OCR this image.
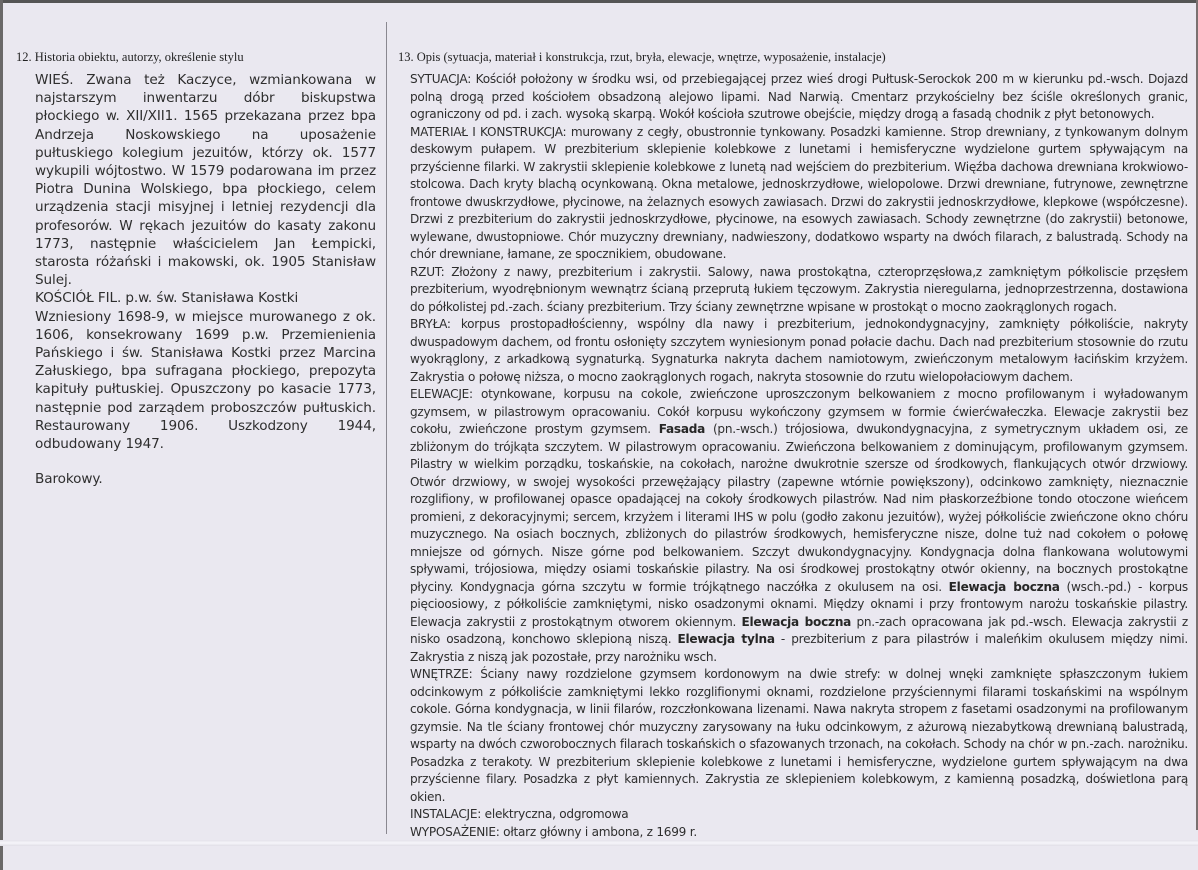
12. Historia obiektu, autorzy, określenie stylu

WIEŚ. Zwana też Kaczyce, wzmiankowana w najstarszym inwentarzu dóbr biskupstwa płockiego w. XII/XII1. 1565 przekazana przez bpa Andrzeja Noskowskiego na uposażenie pułtuskiego kolegium jezuitów, którzy ok. 1577 wykupili wójtostwo. W 1579 podarowana im przez Piotra Dunina Wolskiego, bpa płockiego, celem urządzenia stacji misyjnej i letniej rezydencji dla profesorów. W rękach jezuitów do kasaty zakonu 1773, następnie właścicielem Jan Łempicki, starosta różański i makowski, ok. 1905 Stanisław Sulej.

KOŚCIÓŁ FIL. p.w. św. Stanisława Kostki

Wzniesiony 1698-9, w miejsce murowanego z ok. 1606, konsekrowany 1699 p.w. Przemienienia Pańskiego i św. Stanisława Kostki przez Marcina Załuskiego, bpa sufragana płockiego, prepozyta kapituły pułtuskiej. Opuszczony po kasacie 1773, następnie pod zarządem proboszczów pułtuskich. Restaurowany 1906. Uszkodzony 1944, odbudowany 1947.

Barokowy.

13. Opis (sytuacja, materiał i konstrukcja, rzut, bryła, elewacje, wnętrze, wyposażenie, instalacje)

SYTUACJA: Kościół położony w środku wsi, od przebiegającej przez wieś drogi Pułtusk-Serockok 200 m w kierunku pd.-wsch. Dojazd polną drogą przed kościołem obsadzoną alejowo lipami. Nad Narwią. Cmentarz przykościelny bez ściśle określonych granic, ograniczony od pd. i zach. wysoką skarpą. Wokół kościoła szutrowe obejście, między drogą a fasadą chodnik z płyt betonowych.

MATERIAŁ I KONSTRUKCJA: murowany z cegły, obustronnie tynkowany. Posadzki kamienne. Strop drewniany, z tynkowanym dolnym deskowym pułapem. W prezbiterium sklepienie kolebkowe z lunetami i hemisferyczne wydzielone gurtem spływającym na przyścienne filarki. W zakrystii sklepienie kolebkowe z lunetą nad wejściem do prezbiterium. Więźba dachowa drewniana krokwiowo-stolcowa. Dach kryty blachą ocynkowaną. Okna metalowe, jednoskrzydłowe, wielopolowe. Drzwi drewniane, futrynowe, zewnętrzne frontowe dwuskrzydłowe, płycinowe, na żelaznych esowych zawiasach. Drzwi do zakrystii jednoskrzydłowe, klepkowe (współczesne). Drzwi z prezbiterium do zakrystii jednoskrzydłowe, płycinowe, na esowych zawiasach. Schody zewnętrzne (do zakrystii) betonowe, wylewane, dwustopniowe. Chór muzyczny drewniany, nadwieszony, dodatkowo wsparty na dwóch filarach, z balustradą. Schody na chór drewniane, łamane, ze spocznikiem, obudowane.

RZUT: Złożony z nawy, prezbiterium i zakrystii. Salowy, nawa prostokątna, czteroprzęsłowa,z zamkniętym półkoliscie przęsłem prezbiterium, wyodrębnionym wewnątrz ścianą przeprutą łukiem tęczowym. Zakrystia nieregularna, jednoprzestrzenna, dostawiona do półkolistej pd.-zach. ściany prezbiterium. Trzy ściany zewnętrzne wpisane w prostokąt o mocno zaokrąglonych rogach.

BRYŁA: korpus prostopadłościenny, wspólny dla nawy i prezbiterium, jednokondygnacyjny, zamknięty półkoliście, nakryty dwuspadowym dachem, od frontu osłonięty szczytem wyniesionym ponad połacie dachu. Dach nad prezbiterium stosownie do rzutu wyokrąglony, z arkadkową sygnaturką. Sygnaturka nakryta dachem namiotowym, zwieńczonym metalowym łacińskim krzyżem. Zakrystia o połowę niższa, o mocno zaokrąglonych rogach, nakryta stosownie do rzutu wielopołaciowym dachem.

ELEWACJE: otynkowane, korpusu na cokole, zwieńczone uproszczonym belkowaniem z mocno profilowanym i wyładowanym gzymsem, w pilastrowym opracowaniu. Cokół korpusu wykończony gzymsem w formie ćwierćwałeczka. Elewacje zakrystii bez cokołu, zwieńczone prostym gzymsem. Fasada (pn.-wsch.) trójosiowa, dwukondygnacyjna, z symetrycznym układem osi, ze zbliżonym do trójkąta szczytem. W pilastrowym opracowaniu. Zwieńczona belkowaniem z dominującym, profilowanym gzymsem. Pilastry w wielkim porządku, toskańskie, na cokołach, narożne dwukrotnie szersze od środkowych, flankujących otwór drzwiowy. Otwór drzwiowy, w swojej wysokości przewężający pilastry (zapewne wtórnie powiększony), odcinkowo zamknięty, nieznacznie rozglifiony, w profilowanej opasce opadającej na cokoły środkowych pilastrów. Nad nim płaskorzeźbione tondo otoczone wieńcem promieni, z dekoracyjnymi; sercem, krzyżem i literami IHS w polu (godło zakonu jezuitów), wyżej półkoliście zwieńczone okno chóru muzycznego. Na osiach bocznych, zbliżonych do pilastrów środkowych, hemisferyczne nisze, dolne tuż nad cokołem o połowę mniejsze od górnych. Nisze górne pod belkowaniem. Szczyt dwukondygnacyjny. Kondygnacja dolna flankowana wolutowymi spływami, trójosiowa, między osiami toskańskie pilastry. Na osi środkowej prostokątny otwór okienny, na bocznych prostokątne płyciny. Kondygnacja górna szczytu w formie trójkątnego naczółka z okulusem na osi. Elewacja boczna (wsch.-pd.) - korpus pięcioosiowy, z półkoliście zamkniętymi, nisko osadzonymi oknami. Między oknami i przy frontowym narożu toskańskie pilastry. Elewacja zakrystii z prostokątnym otworem okiennym. Elewacja boczna pn.-zach opracowana jak pd.-wsch. Elewacja zakrystii z nisko osadzoną, konchowo sklepioną niszą. Elewacja tylna - prezbiterium z para pilastrów i maleńkim okulusem między nimi. Zakrystia z niszą jak pozostałe, przy narożniku wsch.

WNĘTRZE: Ściany nawy rozdzielone gzymsem kordonowym na dwie strefy: w dolnej wnęki zamknięte spłaszczonym łukiem odcinkowym z półkoliście zamkniętymi lekko rozglifionymi oknami, rozdzielone przyściennymi filarami toskańskimi na wspólnym cokole. Górna kondygnacja, w linii filarów, rozczłonkowana lizenami. Nawa nakryta stropem z fasetami osadzonymi na profilowanym gzymsie. Na tle ściany frontowej chór muzyczny zarysowany na łuku odcinkowym, z ażurową niezabytkową drewnianą balustradą, wsparty na dwóch czworobocznych filarach toskańskich o sfazowanych trzonach, na cokołach. Schody na chór w pn.-zach. narożniku. Posadzka z terakoty. W prezbiterium sklepienie kolebkowe z lunetami i hemisferyczne, wydzielone gurtem spływającym na dwa przyścienne filary. Posadzka z płyt kamiennych. Zakrystia ze sklepieniem kolebkowym, z kamienną posadzką, doświetlona parą okien.

INSTALACJE: elektryczna, odgromowa

WYPOSAŻENIE: ołtarz główny i ambona, z 1699 r.
